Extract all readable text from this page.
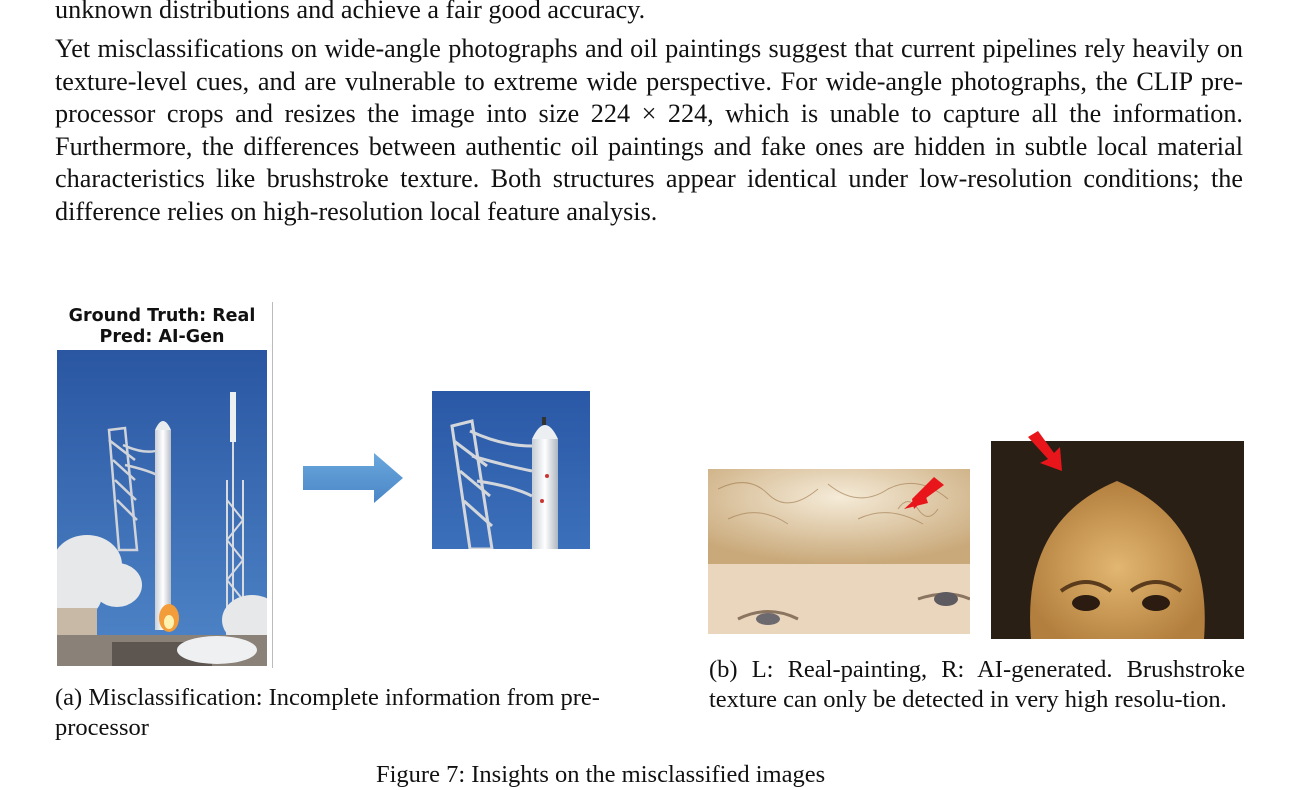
unknown distributions and achieve a fair good accuracy.

Yet misclassifications on wide-angle photographs and oil paintings suggest that current pipelines rely heavily on texture-level cues, and are vulnerable to extreme wide perspective. For wide-angle photographs, the CLIP pre-processor crops and resizes the image into size 224 × 224, which is unable to capture all the information. Furthermore, the differences between authentic oil paintings and fake ones are hidden in subtle local material characteristics like brushstroke texture. Both structures appear identical under low-resolution conditions; the difference relies on high-resolution local feature analysis.

Ground Truth: Real
Pred: AI-Gen
(a) Misclassification: Incomplete information from pre-processor
(b) L: Real-painting, R: AI-generated. Brushstroke texture can only be detected in very high resolu-tion.
Figure 7: Insights on the misclassified images
